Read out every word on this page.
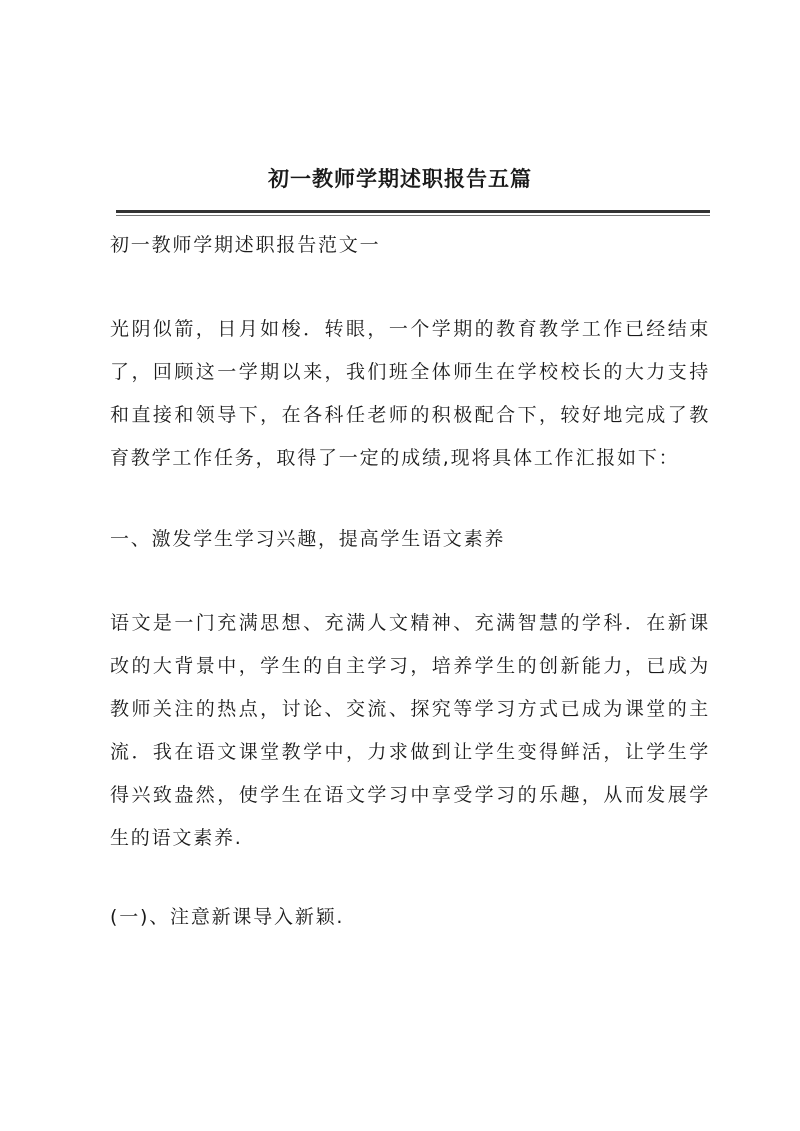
初一教师学期述职报告五篇
初一教师学期述职报告范文一
光阴似箭，日月如梭．转眼，一个学期的教育教学工作已经结束了，回顾这一学期以来，我们班全体师生在学校校长的大力支持和直接和领导下，在各科任老师的积极配合下，较好地完成了教育教学工作任务，取得了一定的成绩,现将具体工作汇报如下：
一、激发学生学习兴趣，提高学生语文素养
语文是一门充满思想、充满人文精神、充满智慧的学科．在新课改的大背景中，学生的自主学习，培养学生的创新能力，已成为教师关注的热点，讨论、交流、探究等学习方式已成为课堂的主流．我在语文课堂教学中，力求做到让学生变得鲜活，让学生学得兴致盎然，使学生在语文学习中享受学习的乐趣，从而发展学生的语文素养.
(一)、注意新课导入新颖.
